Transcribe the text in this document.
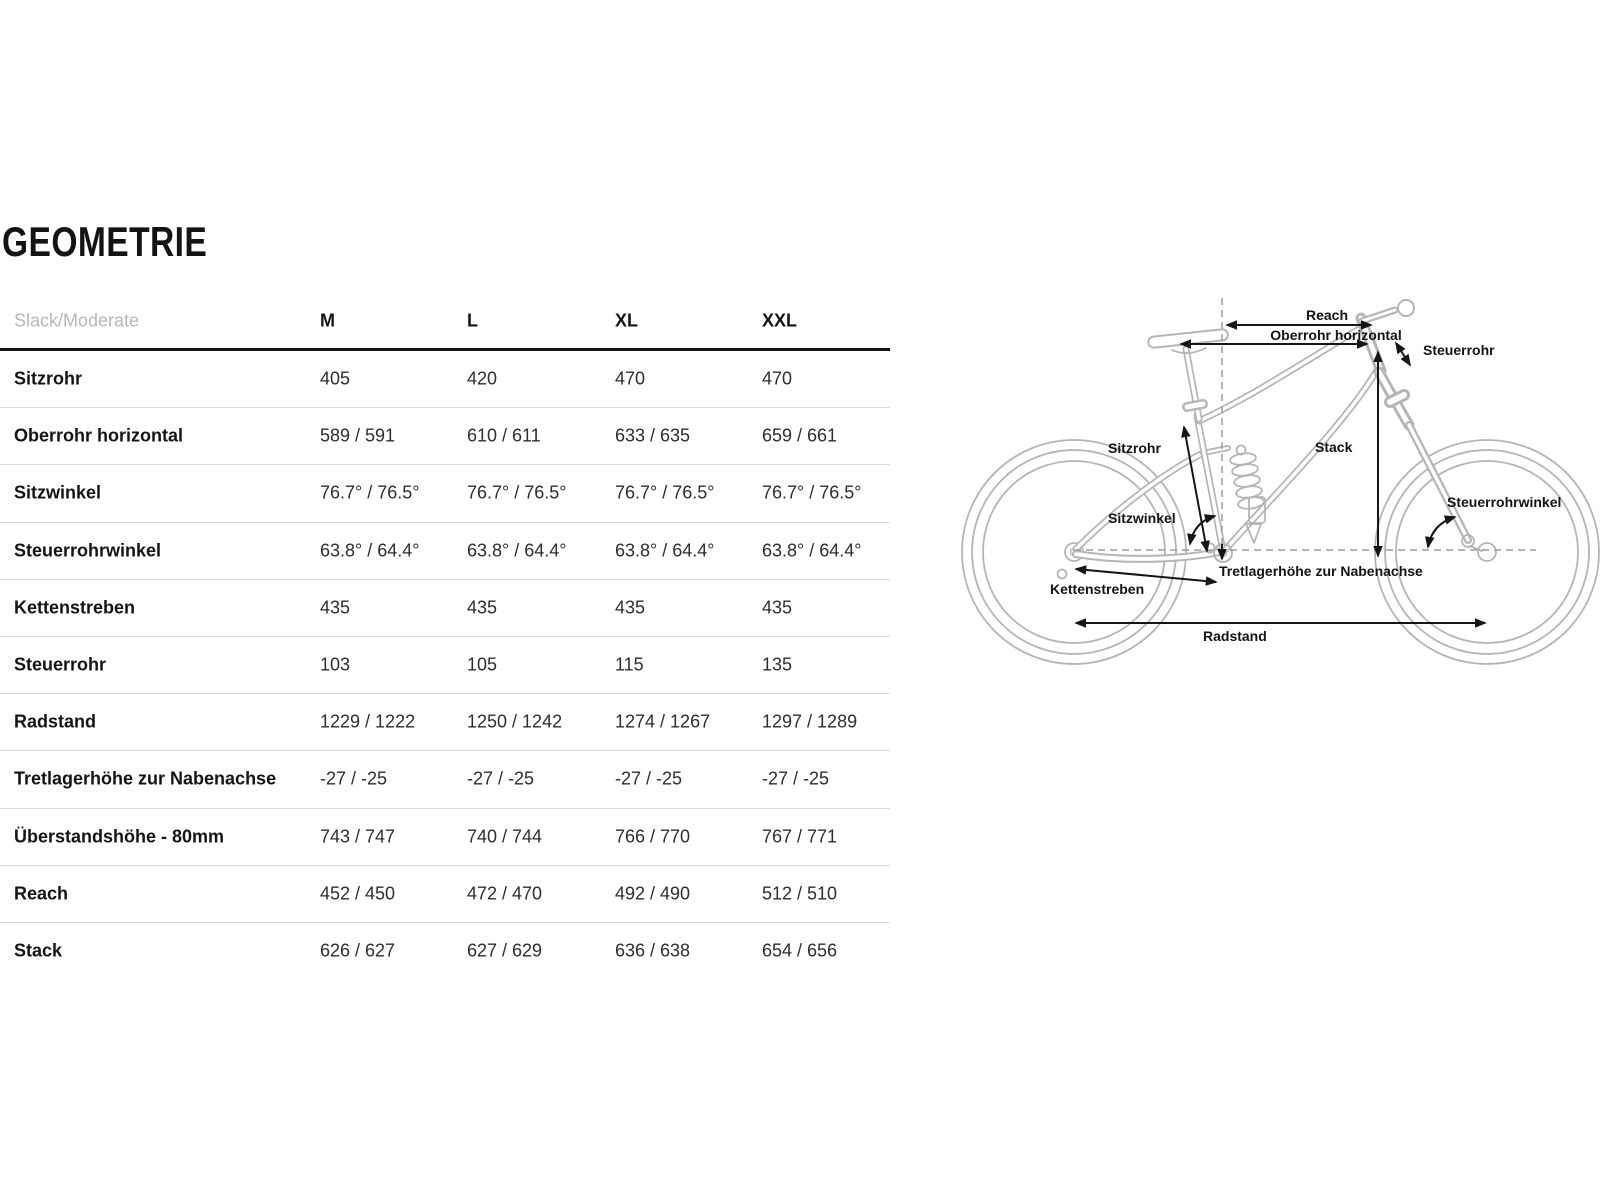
GEOMETRIE
Slack/Moderate	M	L	XL	XXL
Sitzrohr	405	420	470	470
Oberrohr horizontal	589 / 591	610 / 611	633 / 635	659 / 661
Sitzwinkel	76.7° / 76.5°	76.7° / 76.5°	76.7° / 76.5°	76.7° / 76.5°
Steuerrohrwinkel	63.8° / 64.4°	63.8° / 64.4°	63.8° / 64.4°	63.8° / 64.4°
Kettenstreben	435	435	435	435
Steuerrohr	103	105	115	135
Radstand	1229 / 1222	1250 / 1242	1274 / 1267	1297 / 1289
Tretlagerhöhe zur Nabenachse -27 / -25	-27 / -25	-27 / -25	-27 / -25
Überstandshöhe - 80mm	743 / 747	740 / 744	766 / 770	767 / 771
Reach	452 / 450	472 / 470	492 / 490	512 / 510
Stack	626 / 627	627 / 629	636 / 638	654 / 656
Reach
Oberrohr horizontal
Steuerrohr
Sitzrohr	Stack
Sitzwinkel
Steuerrohrwinkel
Tretlagerhöhe zur Nabenachse
Kettenstreben
Radstand
